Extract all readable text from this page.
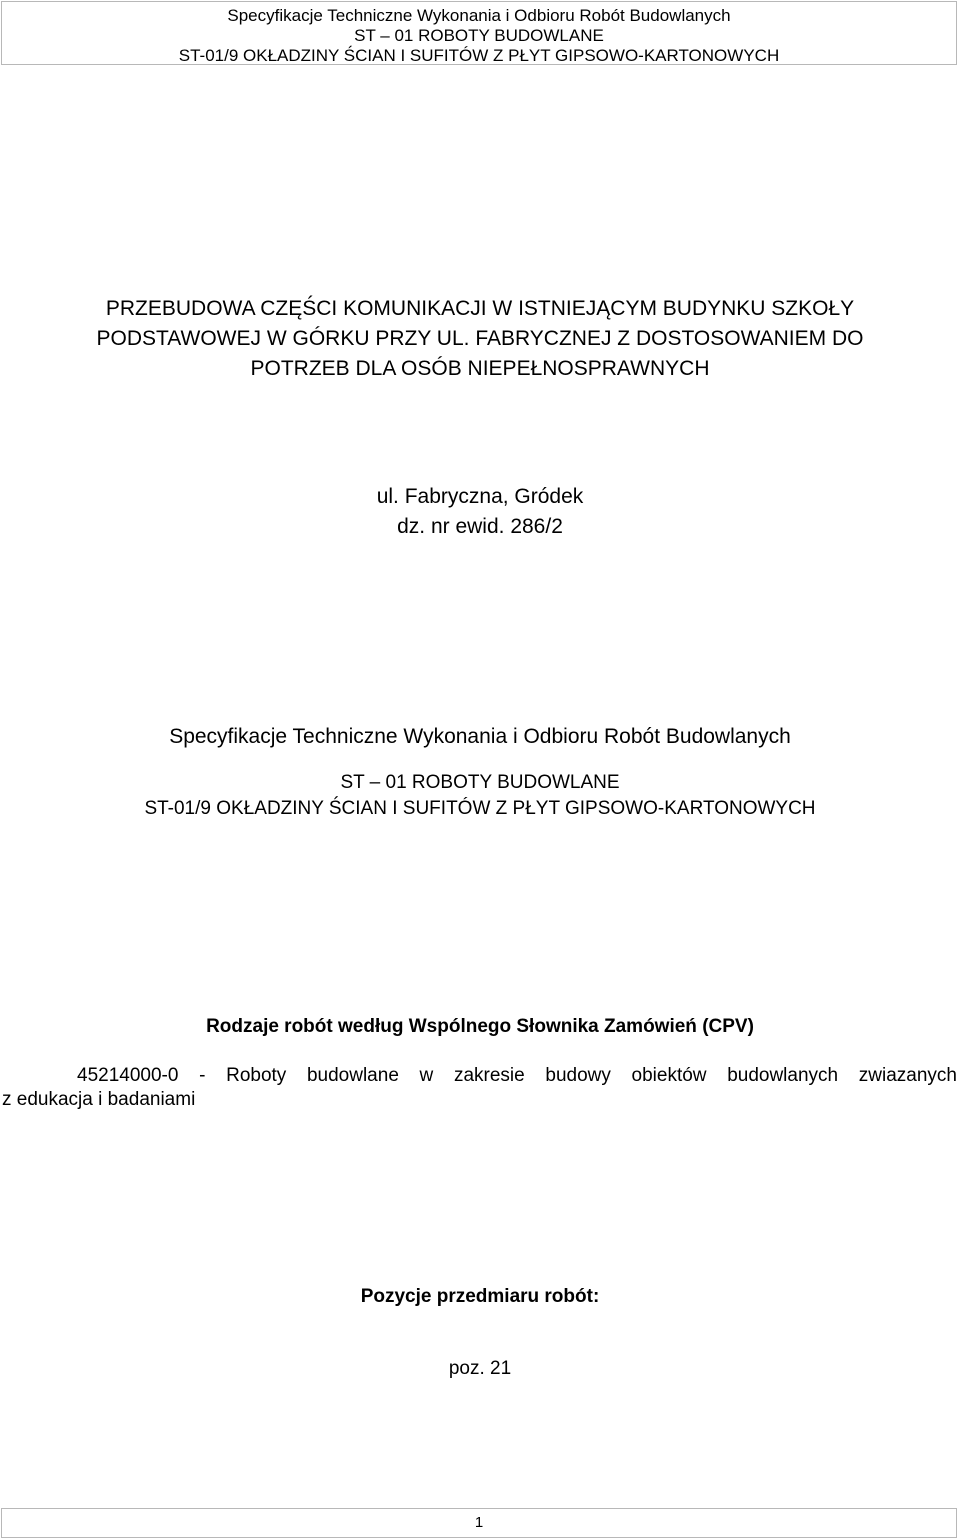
Specyfikacje Techniczne Wykonania i Odbioru Robót Budowlanych
ST – 01 ROBOTY BUDOWLANE
ST-01/9 OKŁADZINY ŚCIAN I SUFITÓW Z PŁYT GIPSOWO-KARTONOWYCH
PRZEBUDOWA CZĘŚCI KOMUNIKACJI W ISTNIEJĄCYM BUDYNKU SZKOŁY
PODSTAWOWEJ W GÓRKU PRZY UL. FABRYCZNEJ Z DOSTOSOWANIEM DO
POTRZEB DLA OSÓB NIEPEŁNOSPRAWNYCH
ul. Fabryczna, Gródek
dz. nr ewid. 286/2
Specyfikacje Techniczne Wykonania i Odbioru Robót Budowlanych
ST – 01 ROBOTY BUDOWLANE
ST-01/9 OKŁADZINY ŚCIAN I SUFITÓW Z PŁYT GIPSOWO-KARTONOWYCH
Rodzaje robót według Wspólnego Słownika Zamówień (CPV)
45214000-0 - Roboty budowlane w zakresie budowy obiektów budowlanych zwiazanych
z edukacja i badaniami
Pozycje przedmiaru robót:
poz. 21
1
